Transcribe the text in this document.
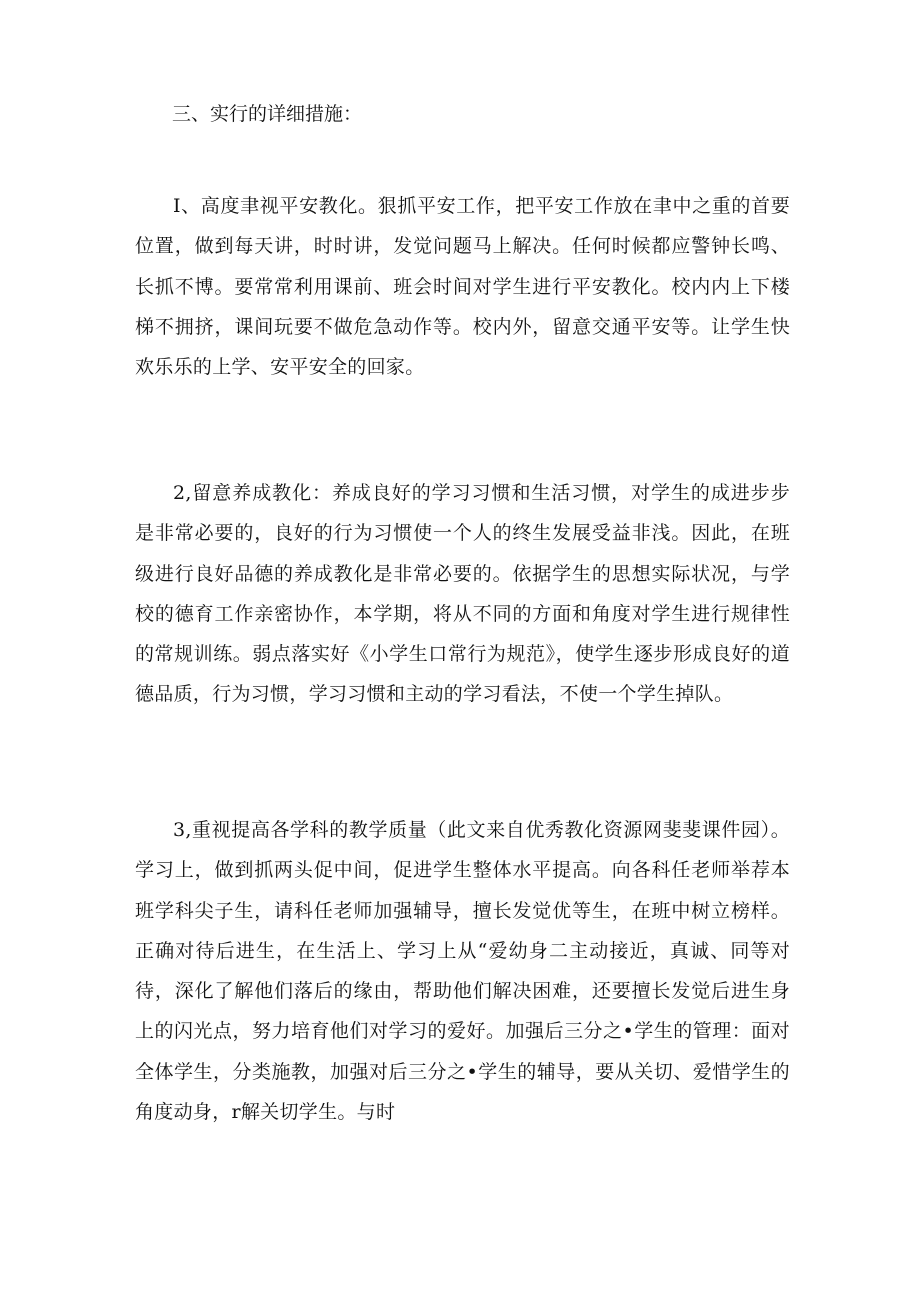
三、实行的详细措施：

I、高度聿视平安教化。狠抓平安工作，把平安工作放在聿中之重的首要位置，做到每天讲，时时讲，发觉问题马上解决。任何时候都应警钟长鸣、长抓不博。要常常利用课前、班会时间对学生进行平安教化。校内内上下楼梯不拥挤，课间玩要不做危急动作等。校内外，留意交通平安等。让学生快欢乐乐的上学、安平安全的回家。

2,留意养成教化：养成良好的学习习惯和生活习惯，对学生的成进步步是非常必要的，良好的行为习惯使一个人的终生发展受益非浅。因此，在班级进行良好品德的养成教化是非常必要的。依据学生的思想实际状况，与学校的德育工作亲密协作，本学期，将从不同的方面和角度对学生进行规律性的常规训练。弱点落实好《小学生口常行为规范》，使学生逐步形成良好的道德品质，行为习惯，学习习惯和主动的学习看法，不使一个学生掉队。

3,重视提高各学科的教学质量（此文来自优秀教化资源网斐斐课件园）。学习上，做到抓两头促中间，促进学生整体水平提高。向各科任老师举荐本班学科尖子生，请科任老师加强辅导，擅长发觉优等生，在班中树立榜样。正确对待后进生，在生活上、学习上从“爱幼身二主动接近，真诚、同等对待，深化了解他们落后的缘由，帮助他们解决困难，还要擅长发觉后进生身上的闪光点，努力培育他们对学习的爱好。加强后三分之•学生的管理：面对全体学生，分类施教，加强对后三分之•学生的辅导，要从关切、爱惜学生的角度动身，r解关切学生。与时
